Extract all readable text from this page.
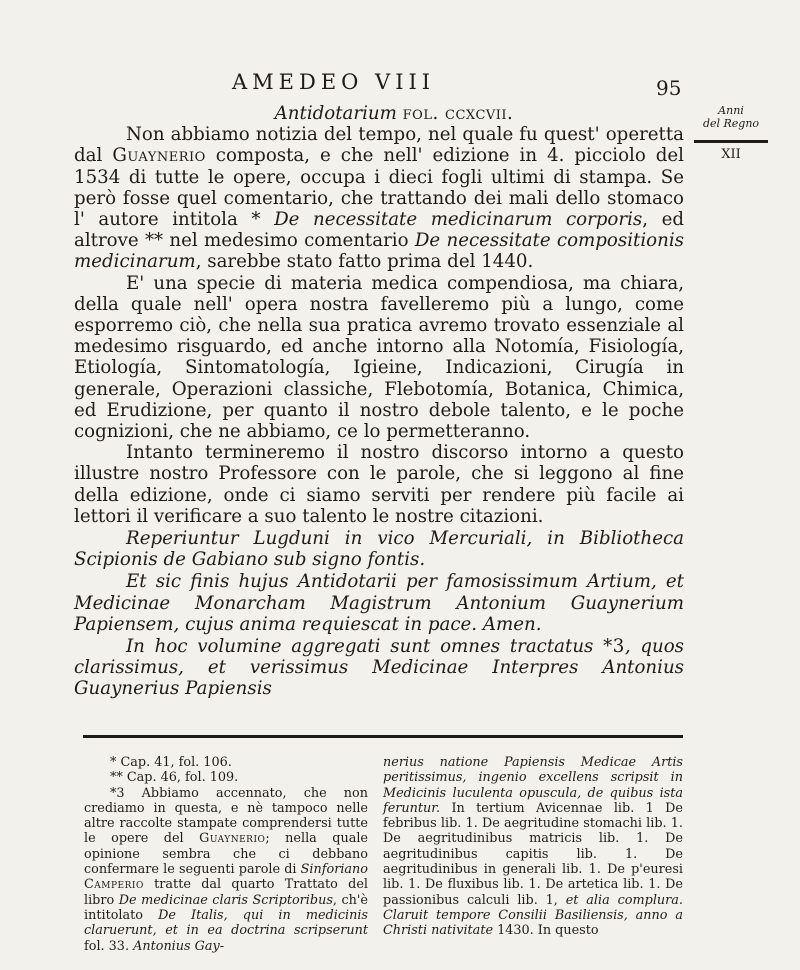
AMEDEO VIII	95
Anni
del Regno
XII

Antidotarium fol. ccxcvii.

Non abbiamo notizia del tempo, nel quale fu quest' operetta dal Guaynerio composta, e che nell' edizione in 4. picciolo del 1534 di tutte le opere, occupa i dieci fogli ultimi di stampa. Se però fosse quel comentario, che trattando dei mali dello stomaco l' autore intitola * De necessitate medicinarum corporis, ed altrove ** nel medesimo comentario De necessitate compositionis medicinarum, sarebbe stato fatto prima del 1440.

E' una specie di materia medica compendiosa, ma chiara, della quale nell' opera nostra favelleremo più a lungo, come esporremo ciò, che nella sua pratica avremo trovato essenziale al medesimo risguardo, ed anche intorno alla Notomía, Fisiología, Etiología, Sintomatología, Igieine, Indicazioni, Cirugía in generale, Operazioni classiche, Flebotomía, Botanica, Chimica, ed Erudizione, per quanto il nostro debole talento, e le poche cognizioni, che ne abbiamo, ce lo permetteranno.

Intanto termineremo il nostro discorso intorno a questo illustre nostro Professore con le parole, che si leggono al fine della edizione, onde ci siamo serviti per rendere più facile ai lettori il verificare a suo talento le nostre citazioni.

Reperiuntur Lugduni in vico Mercuriali, in Bibliotheca Scipionis de Gabiano sub signo fontis.

Et sic finis hujus Antidotarii per famosissimum Artium, et Medicinae Monarcham Magistrum Antonium Guaynerium Papiensem, cujus anima requiescat in pace. Amen.

In hoc volumine aggregati sunt omnes tractatus *3, quos clarissimus, et verissimus Medicinae Interpres Antonius Guaynerius Papiensis

* Cap. 41, fol. 106.

** Cap. 46, fol. 109.

*3 Abbiamo accennato, che non crediamo in questa, e nè tampoco nelle altre raccolte stampate comprendersi tutte le opere del Guaynerio; nella quale opinione sembra che ci debbano confermare le seguenti parole di Sinforiano Camperio tratte dal quarto Trattato del libro De medicinae claris Scriptoribus, ch'è intitolato De Italis, qui in medicinis claruerunt, et in ea doctrina scripserunt fol. 33. Antonius Gay-

nerius natione Papiensis Medicae Artis peritissimus, ingenio excellens scripsit in Medicinis luculenta opuscula, de quibus ista feruntur. In tertium Avicennae lib. 1 De febribus lib. 1. De aegritudine stomachi lib. 1. De aegritudinibus matricis lib. 1. De aegritudinibus capitis lib. 1. De aegritudinibus in generali lib. 1. De p'euresi lib. 1. De fluxibus lib. 1. De artetica lib. 1. De passionibus calculi lib. 1, et alia complura. Claruit tempore Consilii Basiliensis, anno a Christi nativitate 1430. In questo
